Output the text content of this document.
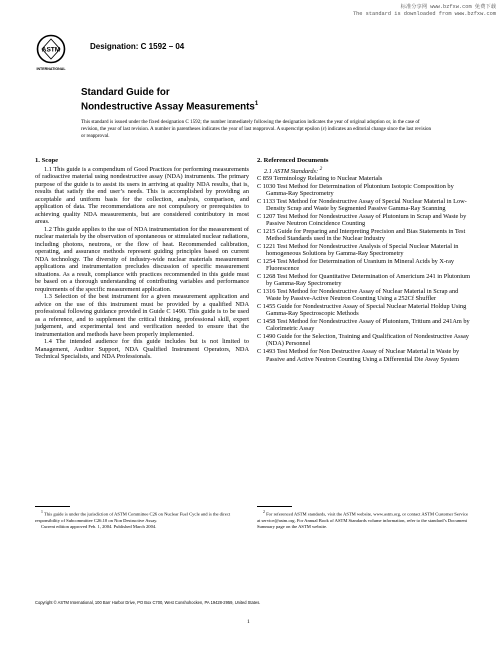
标准分享网 www.bzfxw.com 免费下载
The standard is downloaded from www.bzfxw.com
ASTM
INTERNATIONAL
Designation: C 1592 – 04
Standard Guide for
Nondestructive Assay Measurements$^1$
This standard is issued under the fixed designation C 1592; the number immediately following the designation indicates the year of original adoption or, in the case of revision, the year of last revision. A number in parentheses indicates the year of last reapproval. A superscript epsilon (ε) indicates an editorial change since the last revision or reapproval.
1. Scope

1.1 This guide is a compendium of Good Practices for performing measurements of radioactive material using nondestructive assay (NDA) instruments. The primary purpose of the guide is to assist its users in arriving at quality NDA results, that is, results that satisfy the end user’s needs. This is accomplished by providing an acceptable and uniform basis for the collection, analysis, comparison, and application of data. The recommendations are not compulsory or prerequisites to achieving quality NDA measurements, but are considered contributory in most areas.

1.2 This guide applies to the use of NDA instrumentation for the measurement of nuclear materials by the observation of spontaneous or stimulated nuclear radiations, including photons, neutrons, or the flow of heat. Recommended calibration, operating, and assurance methods represent guiding principles based on current NDA technology. The diversity of industry-wide nuclear materials measurement applications and instrumentation precludes discussion of specific measurement situations. As a result, compliance with practices recommended in this guide must be based on a thorough understanding of contributing variables and performance requirements of the specific measurement application.

1.3 Selection of the best instrument for a given measurement application and advice on the use of this instrument must be provided by a qualified NDA professional following guidance provided in Guide C 1490. This guide is to be used as a reference, and to supplement the critical thinking, professional skill, expert judgement, and experimental test and verification needed to ensure that the instrumentation and methods have been properly implemented.

1.4 The intended audience for this guide includes but is not limited to Management, Auditor Support, NDA Qualified Instrument Operators, NDA Technical Specialists, and NDA Professionals.

2. Referenced Documents

2.1 ASTM Standards: $^2$

C 859 Terminology Relating to Nuclear Materials

C 1030 Test Method for Determination of Plutonium Isotopic Composition by Gamma-Ray Spectrometry

C 1133 Test Method for Nondestructive Assay of Special Nuclear Material in Low-Density Scrap and Waste by Segmented Passive Gamma-Ray Scanning

C 1207 Test Method for Nondestructive Assay of Plutonium in Scrap and Waste by Passive Neutron Coincidence Counting

C 1215 Guide for Preparing and Interpreting Precision and Bias Statements in Test Method Standards used in the Nuclear Industry

C 1221 Test Method for Nondestructive Analysis of Special Nuclear Material in homogeneous Solutions by Gamma-Ray Spectrometry

C 1254 Test Method for Determination of Uranium in Mineral Acids by X-ray Fluorescence

C 1268 Test Method for Quantitative Determination of Americium 241 in Plutonium by Gamma-Ray Spectrometry

C 1316 Test Method for Nondestructive Assay of Nuclear Material in Scrap and Waste by Passive-Active Neutron Counting Using a 252Cf Shuffler

C 1455 Guide for Nondestructive Assay of Special Nuclear Material Holdup Using Gamma-Ray Spectroscopic Methods

C 1458 Test Method for Nondestructive Assay of Plutonium, Tritium and 241Am by Calorimetric Assay

C 1490 Guide for the Selection, Training and Qualification of Nondestructive Assay (NDA) Personnel

C 1493 Test Method for Non Destructive Assay of Nuclear Material in Waste by Passive and Active Neutron Counting Using a Differential Die Away System

$^1$ This guide is under the jurisdiction of ASTM Committee C26 on Nuclear Fuel Cycle and is the direct responsibility of Subcommittee C26.10 on Non Destructive Assay.

Current edition approved Feb. 1, 2004. Published March 2004.

$^2$ For referenced ASTM standards, visit the ASTM website, www.astm.org, or contact ASTM Customer Service at service@astm.org. For Annual Book of ASTM Standards volume information, refer to the standard’s Document Summary page on the ASTM website.

Copyright © ASTM International, 100 Barr Harbor Drive, PO Box C700, West Conshohocken, PA 19428-2959, United States.
1
